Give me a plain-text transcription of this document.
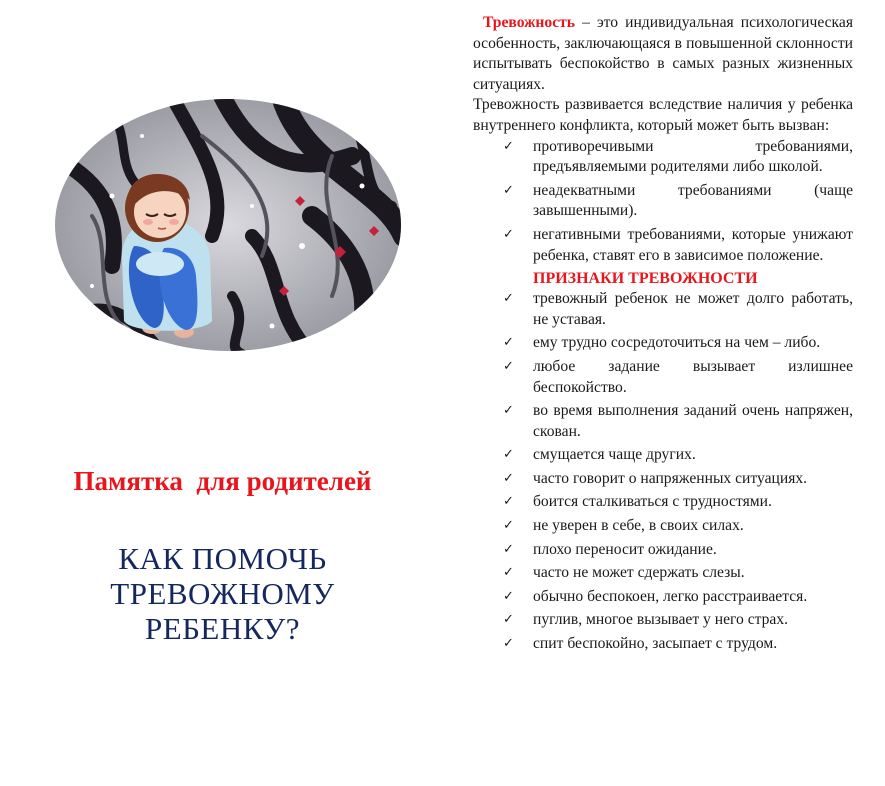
Памятка  для родителей
КАК ПОМОЧЬ
ТРЕВОЖНОМУ
РЕБЕНКУ?

Тревожность – это индивидуальная психологическая особенность, заключающаяся в повышенной склонности испытывать беспокойство в самых разных жизненных ситуациях.

Тревожность развивается вследствие наличия у ребенка внутреннего конфликта, который может быть вызван:

✓ противоречивыми требованиями, предъявляемыми родителями либо школой.
✓ неадекватными требованиями (чаще завышенными).
✓ негативными требованиями, которые унижают ребенка, ставят его в зависимое положение.
ПРИЗНАКИ ТРЕВОЖНОСТИ
✓ тревожный ребенок не может долго работать, не уставая.
✓ ему трудно сосредоточиться на чем – либо.
✓ любое задание вызывает излишнее беспокойство.
✓ во время выполнения заданий очень напряжен, скован.
✓ смущается чаще других.
✓ часто говорит о напряженных ситуациях.
✓ боится сталкиваться с трудностями.
✓ не уверен в себе, в своих силах.
✓ плохо переносит ожидание.
✓ часто не может сдержать слезы.
✓ обычно беспокоен, легко расстраивается.
✓ пуглив, многое вызывает у него страх.
✓ спит беспокойно, засыпает с трудом.
